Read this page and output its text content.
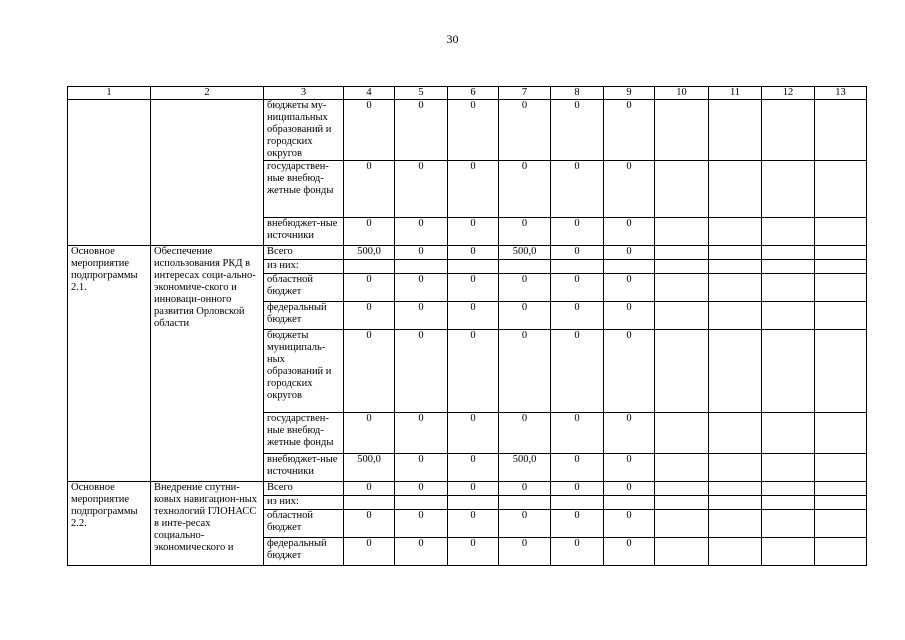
30
1	2	3	4	5	6	7	8	9	10	11	12	13
		бюджеты му-ниципальных образований и городских округов	0	0	0	0	0	0				
		государствен-ные внебюд-жетные фонды	0	0	0	0	0	0				
		внебюджет-ные источники	0	0	0	0	0	0				
Основное мероприятие подпрограммы 2.1.	Обеспечение использования РКД в интересах соци-ально-экономиче-ского и инноваци-онного развития Орловской области	Всего	500,0	0	0	500,0	0	0				
		из них:										
		областной бюджет	0	0	0	0	0	0				
		федеральный бюджет	0	0	0	0	0	0				
		бюджеты муниципаль-ных образований и городских округов	0	0	0	0	0	0				
		государствен-ные внебюд-жетные фонды	0	0	0	0	0	0				
		внебюджет-ные источники	500,0	0	0	500,0	0	0				
Основное мероприятие подпрограммы 2.2.	Внедрение спутни-ковых навигацион-ных технологий ГЛОНАСС в инте-ресах социально-экономического и	Всего	0	0	0	0	0	0				
		из них:										
		областной бюджет	0	0	0	0	0	0				
		федеральный бюджет	0	0	0	0	0	0				
